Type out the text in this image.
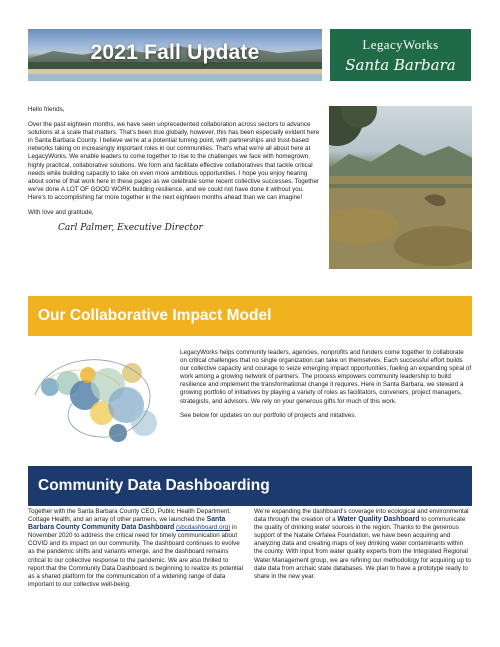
2021 Fall Update	LegacyWorks
Santa Barbara

Hello friends,

Over the past eighteen months, we have seen unprecedented collaboration across sectors to advance solutions at a scale that matters. That's been true globally, however, this has been especially evident here in Santa Barbara County. I believe we're at a potential turning point, with partnerships and trust-based networks taking on increasingly important roles in our communities. That's what we're all about here at LegacyWorks. We enable leaders to come together to rise to the challenges we face with homegrown, highly practical, collaborative solutions. We form and facilitate effective collaboratives that tackle critical needs while building capacity to take on even more ambitious opportunities. I hope you enjoy hearing about some of that work here in these pages as we celebrate some recent collective successes. Together we've done A LOT OF GOOD WORK building resilience, and we could not have done it without you. Here's to accomplishing far more together in the next eighteen months ahead than we can imagine!

With love and gratitude,

Carl Palmer, Executive Director
Our Collaborative Impact Model

LegacyWorks helps community leaders, agencies, nonprofits and funders come together to collaborate on critical challenges that no single organization can take on themselves. Each successful effort builds our collective capacity and courage to seize emerging impact opportunities, fueling an expanding spiral of work among a growing network of partners. The process empowers community leadership to build resilience and implement the transformational change it requires. Here in Santa Barbara, we steward a growing portfolio of initiatives by playing a variety of roles as facilitators, conveners, project managers, strategists, and advisors. We rely on your generous gifts for much of this work.

See below for updates on our portfolio of projects and initatives.

Community Data Dashboarding
Together with the Santa Barbara County CEO, Public Health Department, Cottage Health, and an array of other partners, we launched the Santa Barbara County Community Data Dashboard (sbcdashboard.org) in November 2020 to address the critical need for timely communication about COVID and its impact on our community. The dashboard continues to evolve as the pandemic shifts and variants emerge, and the dashboard remains critical to our collective response to the pandemic. We are also thrilled to report that the Community Data Dashboard is beginning to realize its potential as a shared platform for the communication of a widening range of data important to our collective well-being.
We're expanding the dashboard's coverage into ecological and environmental data through the creation of a Water Quality Dashboard to communicate the quality of drinking water sources in the region. Thanks to the generous support of the Natalie Orfalea Foundation, we have been acquiring and analyzing data and creating maps of key drinking water contaminants within the county. With input from water quality experts from the Integrated Regional Water Management group, we are refining our methodology for acquiring up to date data from archaic state databases. We plan to have a prototype ready to share in the new year.
